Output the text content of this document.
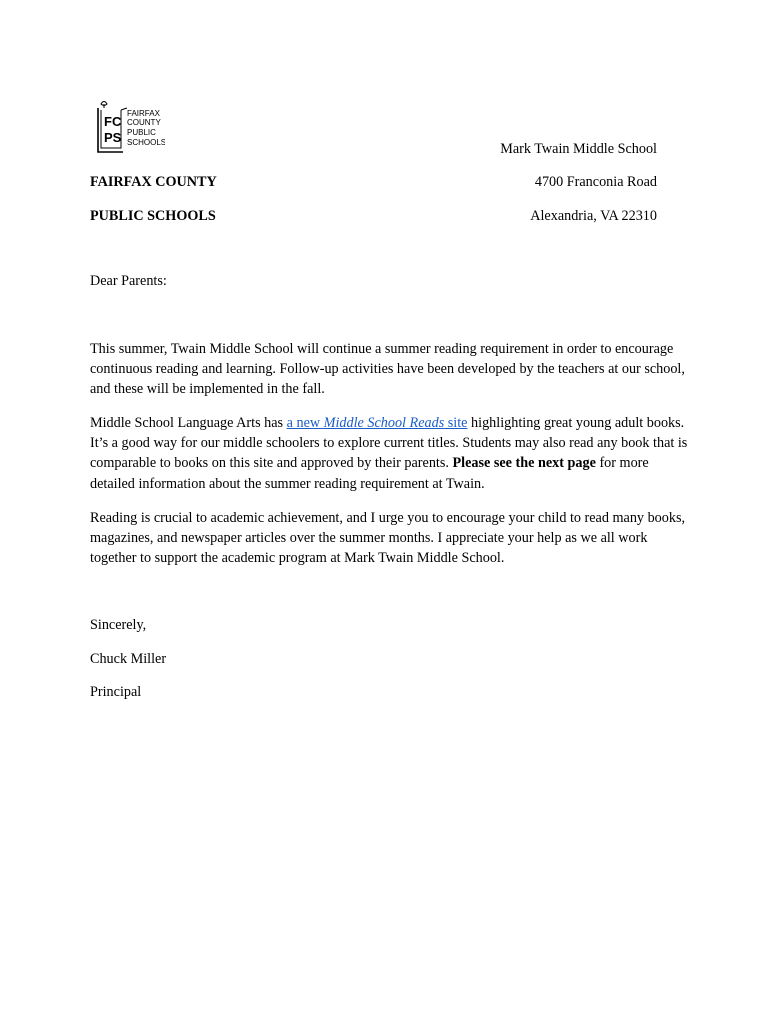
FC
PS
FAIRFAX
COUNTY
PUBLIC
SCHOOLS	Mark Twain Middle School
4700 Franconia Road
Alexandria, VA 22310
FAIRFAX COUNTY
PUBLIC SCHOOLS
Dear Parents:

This summer, Twain Middle School will continue a summer reading requirement in order to encourage continuous reading and learning. Follow-up activities have been developed by the teachers at our school, and these will be implemented in the fall.

Middle School Language Arts has a new Middle School Reads site highlighting great young adult books. It’s a good way for our middle schoolers to explore current titles. Students may also read any book that is comparable to books on this site and approved by their parents. Please see the next page for more detailed information about the summer reading requirement at Twain.

Reading is crucial to academic achievement, and I urge you to encourage your child to read many books, magazines, and newspaper articles over the summer months. I appreciate your help as we all work together to support the academic program at Mark Twain Middle School.

Sincerely,
Chuck Miller
Principal
